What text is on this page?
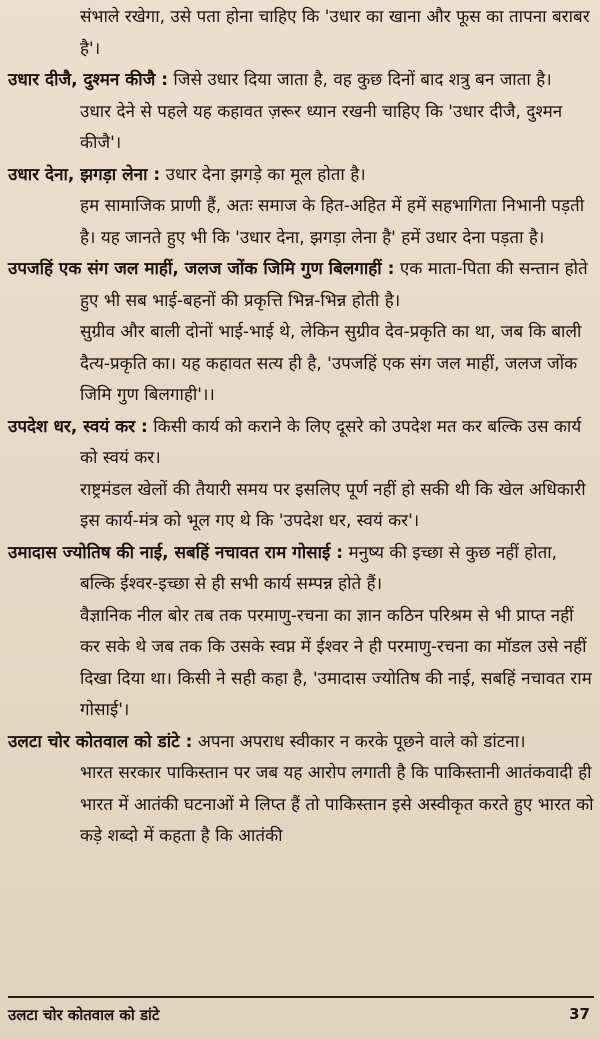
संभाले रखेगा, उसे पता होना चाहिए कि 'उधार का खाना और फूस का तापना बराबर है'।

उधार दीजै, दुश्मन कीजै : जिसे उधार दिया जाता है, वह कुछ दिनों बाद शत्रु बन जाता है।

उधार देने से पहले यह कहावत ज़रूर ध्यान रखनी चाहिए कि 'उधार दीजै, दुश्मन कीजै'।

उधार देना, झगड़ा लेना : उधार देना झगड़े का मूल होता है।

हम सामाजिक प्राणी हैं, अतः समाज के हित-अहित में हमें सहभागिता निभानी पड़ती है। यह जानते हुए भी कि 'उधार देना, झगड़ा लेना है' हमें उधार देना पड़ता है।

उपजहिं एक संग जल माहीं, जलज जोंक जिमि गुण बिलगाहीं : एक माता-पिता की सन्तान होते हुए भी सब भाई-बहनों की प्रकृत्ति भिन्न-भिन्न होती है।

सुग्रीव और बाली दोनों भाई-भाई थे, लेकिन सुग्रीव देव-प्रकृति का था, जब कि बाली दैत्य-प्रकृति का। यह कहावत सत्य ही है, 'उपजहिं एक संग जल माहीं, जलज जोंक जिमि गुण बिलगाही'।।

उपदेश धर, स्वयं कर : किसी कार्य को कराने के लिए दूसरे को उपदेश मत कर बल्कि उस कार्य को स्वयं कर।

राष्ट्रमंडल खेलों की तैयारी समय पर इसलिए पूर्ण नहीं हो सकी थी कि खेल अधिकारी इस कार्य-मंत्र को भूल गए थे कि 'उपदेश धर, स्वयं कर'।

उमादास ज्योतिष की नाई, सबहिं नचावत राम गोसाई : मनुष्य की इच्छा से कुछ नहीं होता, बल्कि ईश्वर-इच्छा से ही सभी कार्य सम्पन्न होते हैं।

वैज्ञानिक नील बोर तब तक परमाणु-रचना का ज्ञान कठिन परिश्रम से भी प्राप्त नहीं कर सके थे जब तक कि उसके स्वप्न में ईश्वर ने ही परमाणु-रचना का मॉडल उसे नहीं दिखा दिया था। किसी ने सही कहा है, 'उमादास ज्योतिष की नाई, सबहिं नचावत राम गोसाई'।

उलटा चोर कोतवाल को डांटे : अपना अपराध स्वीकार न करके पूछने वाले को डांटना।

भारत सरकार पाकिस्तान पर जब यह आरोप लगाती है कि पाकिस्तानी आतंकवादी ही भारत में आतंकी घटनाओं मे लिप्त हैं तो पाकिस्तान इसे अस्वीकृत करते हुए भारत को कड़े शब्दो में कहता है कि आतंकी

उलटा चोर कोतवाल को डांटे	37
